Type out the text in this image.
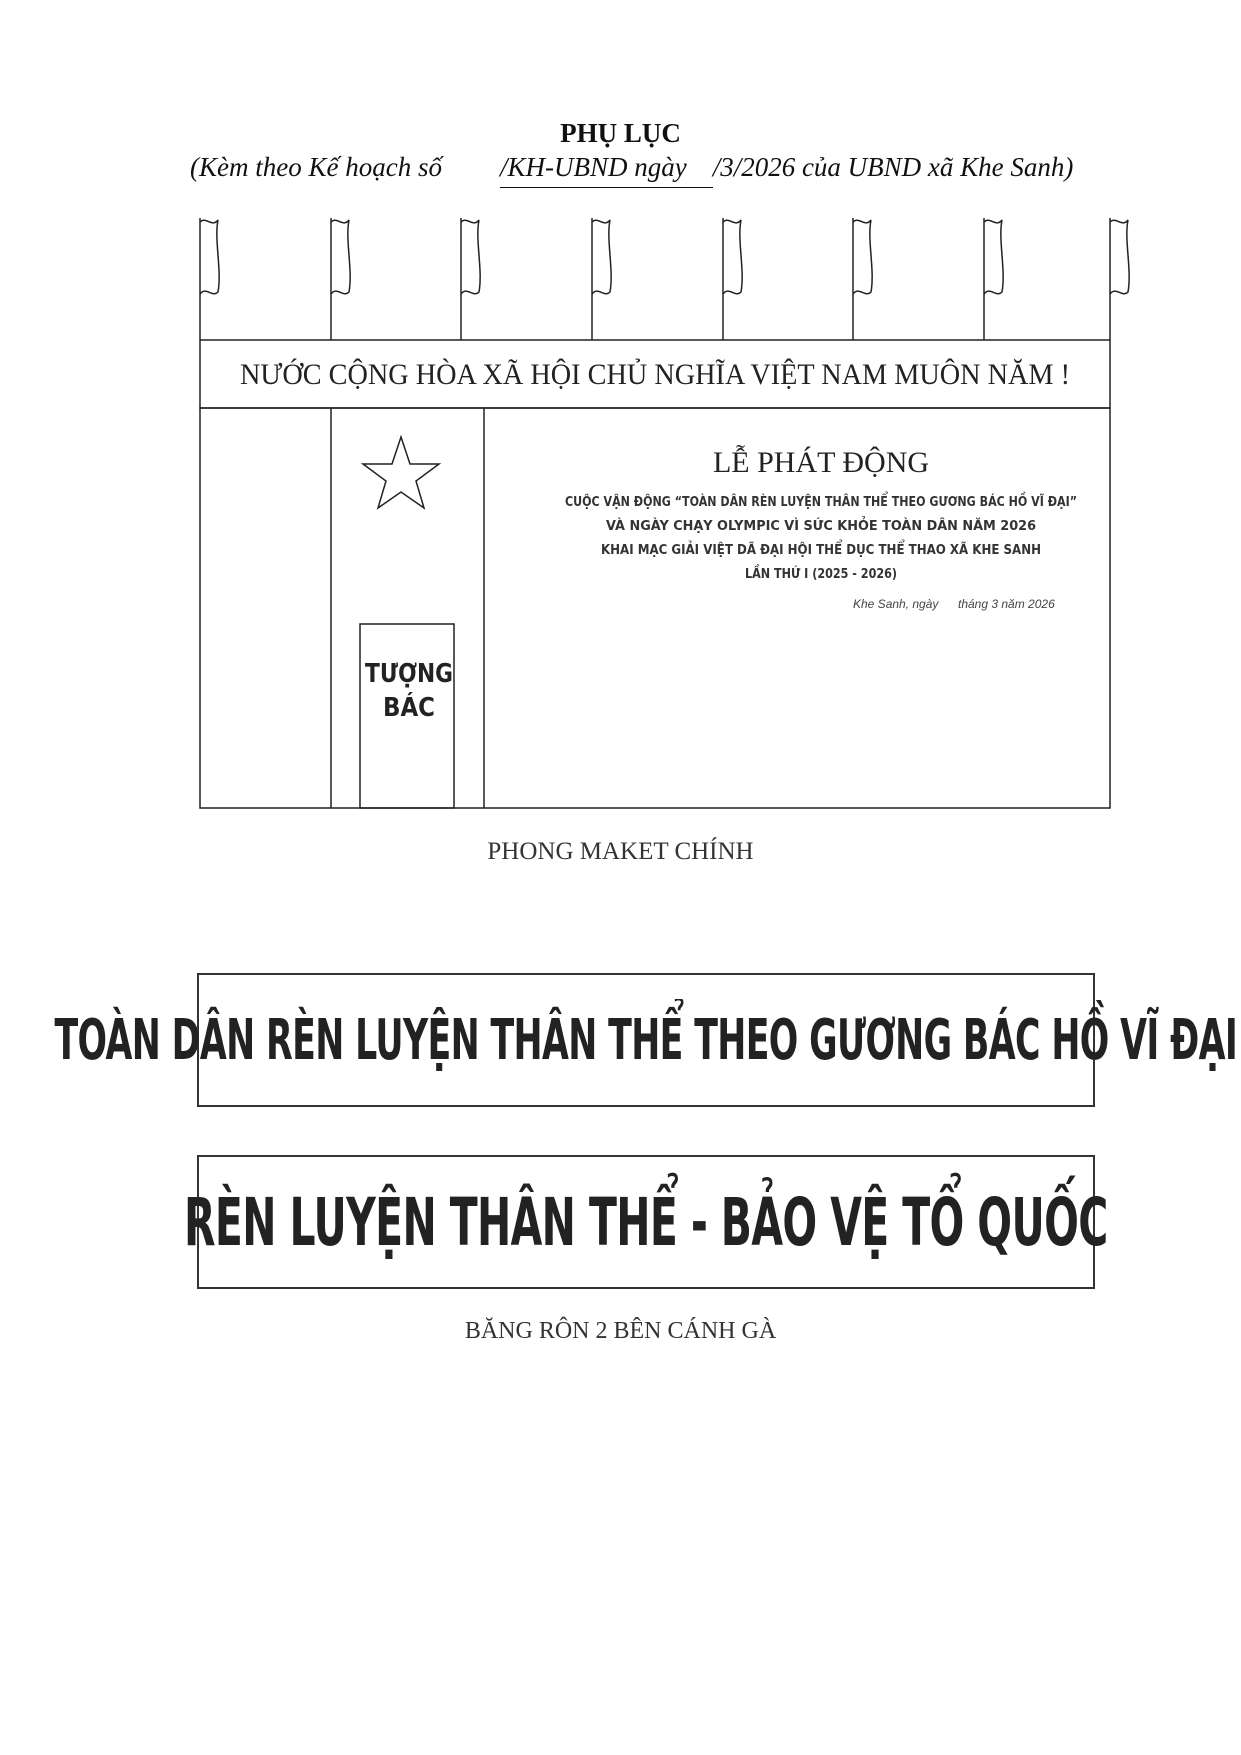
PHỤ LỤC
(Kèm theo Kế hoạch số /KH-UBND ngày /3/2026 của UBND xã Khe Sanh)
NƯỚC CỘNG HÒA XÃ HỘI CHỦ NGHĨA VIỆT NAM MUÔN NĂM !
TƯỢNG
BÁC
LỄ PHÁT ĐỘNG
CUỘC VẬN ĐỘNG “TOÀN DÂN RÈN LUYỆN THÂN THỂ THEO GƯƠNG BÁC HỒ VĨ ĐẠI”
VÀ NGÀY CHẠY OLYMPIC VÌ SỨC KHỎE TOÀN DÂN NĂM 2026
KHAI MẠC GIẢI VIỆT DÃ ĐẠI HỘI THỂ DỤC THỂ THAO XÃ KHE SANH
LẦN THỨ I (2025 - 2026)
Khe Sanh, ngày tháng 3 năm 2026
PHONG MAKET CHÍNH
TOÀN DÂN RÈN LUYỆN THÂN THỂ THEO GƯƠNG BÁC HỒ VĨ ĐẠI
RÈN LUYỆN THÂN THỂ - BẢO VỆ TỔ QUỐC
BĂNG RÔN 2 BÊN CÁNH GÀ
